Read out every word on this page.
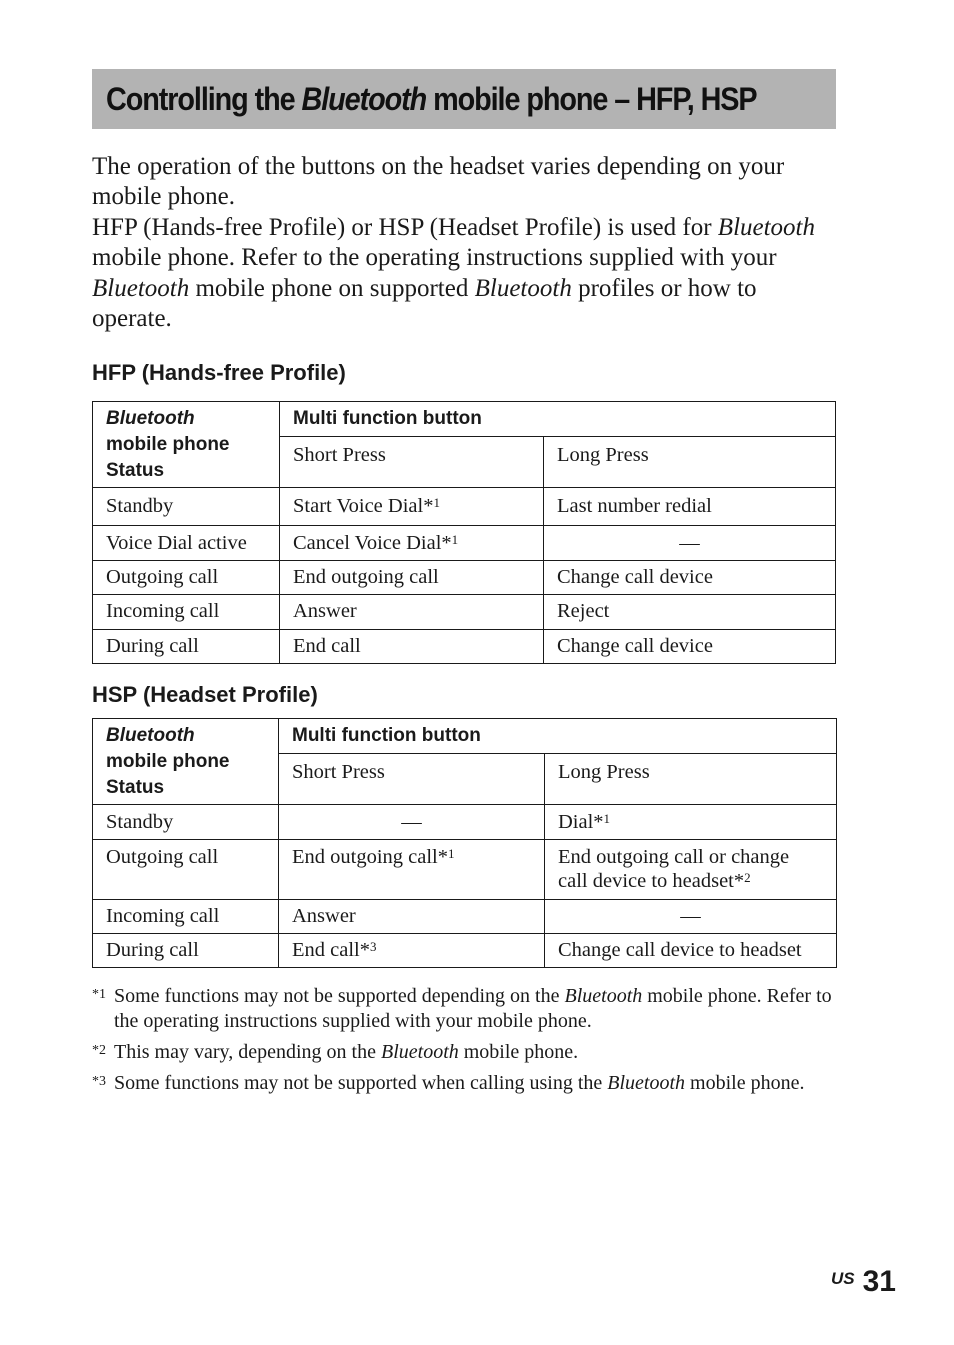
Controlling the Bluetooth mobile phone – HFP, HSP

The operation of the buttons on the headset varies depending on your mobile phone.

HFP (Hands-free Profile) or HSP (Headset Profile) is used for Bluetooth mobile phone. Refer to the operating instructions supplied with your Bluetooth mobile phone on supported Bluetooth profiles or how to operate.

HFP (Hands-free Profile)
Bluetooth
mobile phone Status	Multi function button	
	Short Press	Long Press
Standby	Start Voice Dial*$^1$	Last number redial
Voice Dial active	Cancel Voice Dial*$^1$	—
Outgoing call	End outgoing call	Change call device
Incoming call	Answer	Reject
During call	End call	Change call device
HSP (Headset Profile)
Bluetooth
mobile phone Status	Multi function button	
	Short Press	Long Press
Standby	—	Dial*$^1$
Outgoing call	End outgoing call*$^1$	End outgoing call or change call device to headset*$^2$
Incoming call	Answer	—
During call	End call*$^3$	Change call device to headset
*1 Some functions may not be supported depending on the Bluetooth mobile phone. Refer to the operating instructions supplied with your mobile phone.
*2 This may vary, depending on the Bluetooth mobile phone.
*3 Some functions may not be supported when calling using the Bluetooth mobile phone.
US 31
